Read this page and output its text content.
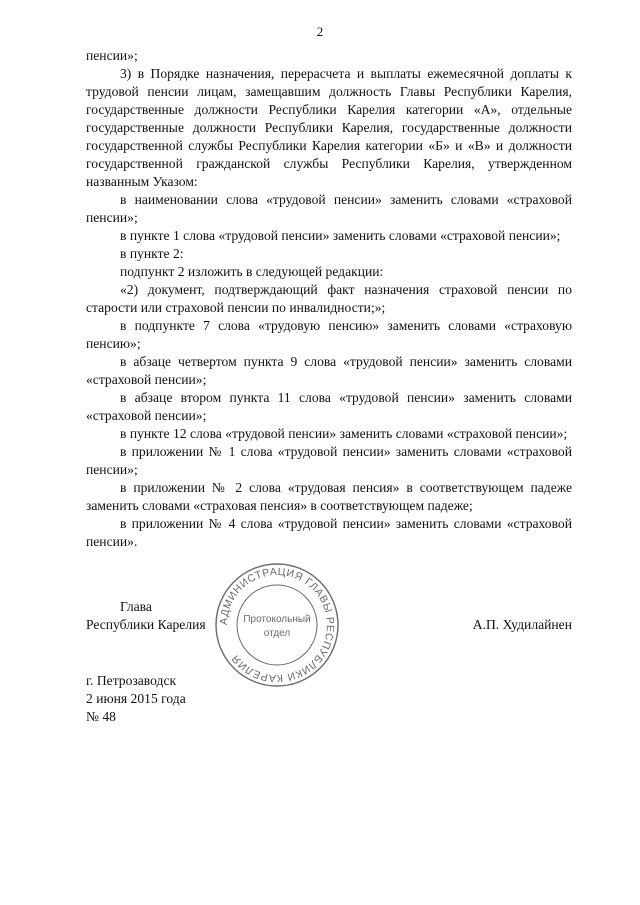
2

пенсии»;

3) в Порядке назначения, перерасчета и выплаты ежемесячной доплаты к трудовой пенсии лицам, замещавшим должность Главы Республики Карелия, государственные должности Республики Карелия категории «А», отдельные государственные должности Республики Карелия, государственные должности государственной службы Республики Карелия категории «Б» и «В» и должности государственной гражданской службы Республики Карелия, утвержденном названным Указом:

в наименовании слова «трудовой пенсии» заменить словами «страховой пенсии»;

в пункте 1 слова «трудовой пенсии» заменить словами «страховой пенсии»;

в пункте 2:

подпункт 2 изложить в следующей редакции:

«2) документ, подтверждающий факт назначения страховой пенсии по старости или страховой пенсии по инвалидности;»;

в подпункте 7 слова «трудовую пенсию» заменить словами «страховую пенсию»;

в абзаце четвертом пункта 9 слова «трудовой пенсии» заменить словами «страховой пенсии»;

в абзаце втором пункта 11 слова «трудовой пенсии» заменить словами «страховой пенсии»;

в пункте 12 слова «трудовой пенсии» заменить словами «страховой пенсии»;

в приложении № 1 слова «трудовой пенсии» заменить словами «страховой пенсии»;

в приложении № 2 слова «трудовая пенсия» в соответствующем падеже заменить словами «страховая пенсия» в соответствующем падеже;

в приложении № 4 слова «трудовой пенсии» заменить словами «страховой пенсии».

Глава
Республики Карелия	А.П. Худилайнен
г. Петрозаводск
2 июня 2015 года
№ 48
АДМИНИСТРАЦИЯ ГЛАВЫ РЕСПУБЛИКИ КАРЕЛИЯ
Протокольный
отдел
